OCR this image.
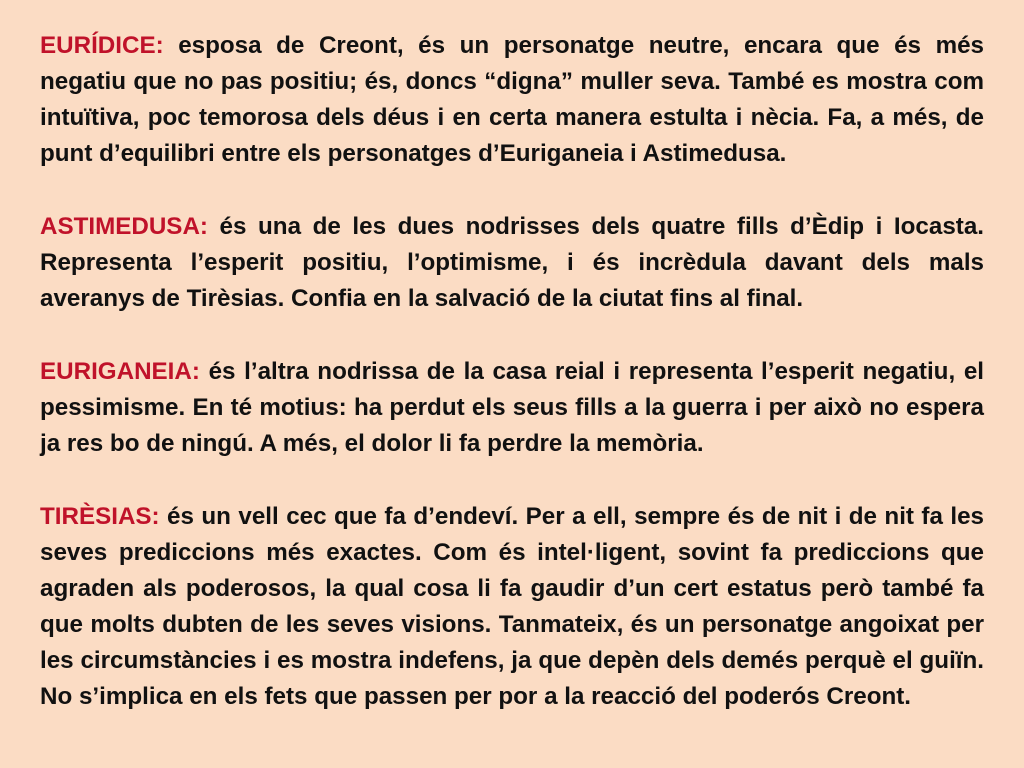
EURÍDICE: esposa de Creont, és un personatge neutre, encara que és més negatiu que no pas positiu; és, doncs “digna” muller seva. També es mostra com intuïtiva, poc temorosa dels déus i en certa manera estulta i nècia. Fa, a més, de punt d’equilibri entre els personatges d’Euriganeia i Astimedusa.

ASTIMEDUSA: és una de les dues nodrisses dels quatre fills d’Èdip i Iocasta. Representa l’esperit positiu, l’optimisme, i és incrèdula davant dels mals averanys de Tirèsias. Confia en la salvació de la ciutat fins al final.

EURIGANEIA: és l’altra nodrissa de la casa reial i representa l’esperit negatiu, el pessimisme. En té motius: ha perdut els seus fills a la guerra i per això no espera ja res bo de ningú. A més, el dolor li fa perdre la memòria.

TIRÈSIAS: és un vell cec que fa d’endeví. Per a ell, sempre és de nit i de nit fa les seves prediccions més exactes. Com és intel·ligent, sovint fa prediccions que agraden als poderosos, la qual cosa li fa gaudir d’un cert estatus però també fa que molts dubten de les seves visions. Tanmateix, és un personatge angoixat per les circumstàncies i es mostra indefens, ja que depèn dels demés perquè el guiïn. No s’implica en els fets que passen per por a la reacció del poderós Creont.
